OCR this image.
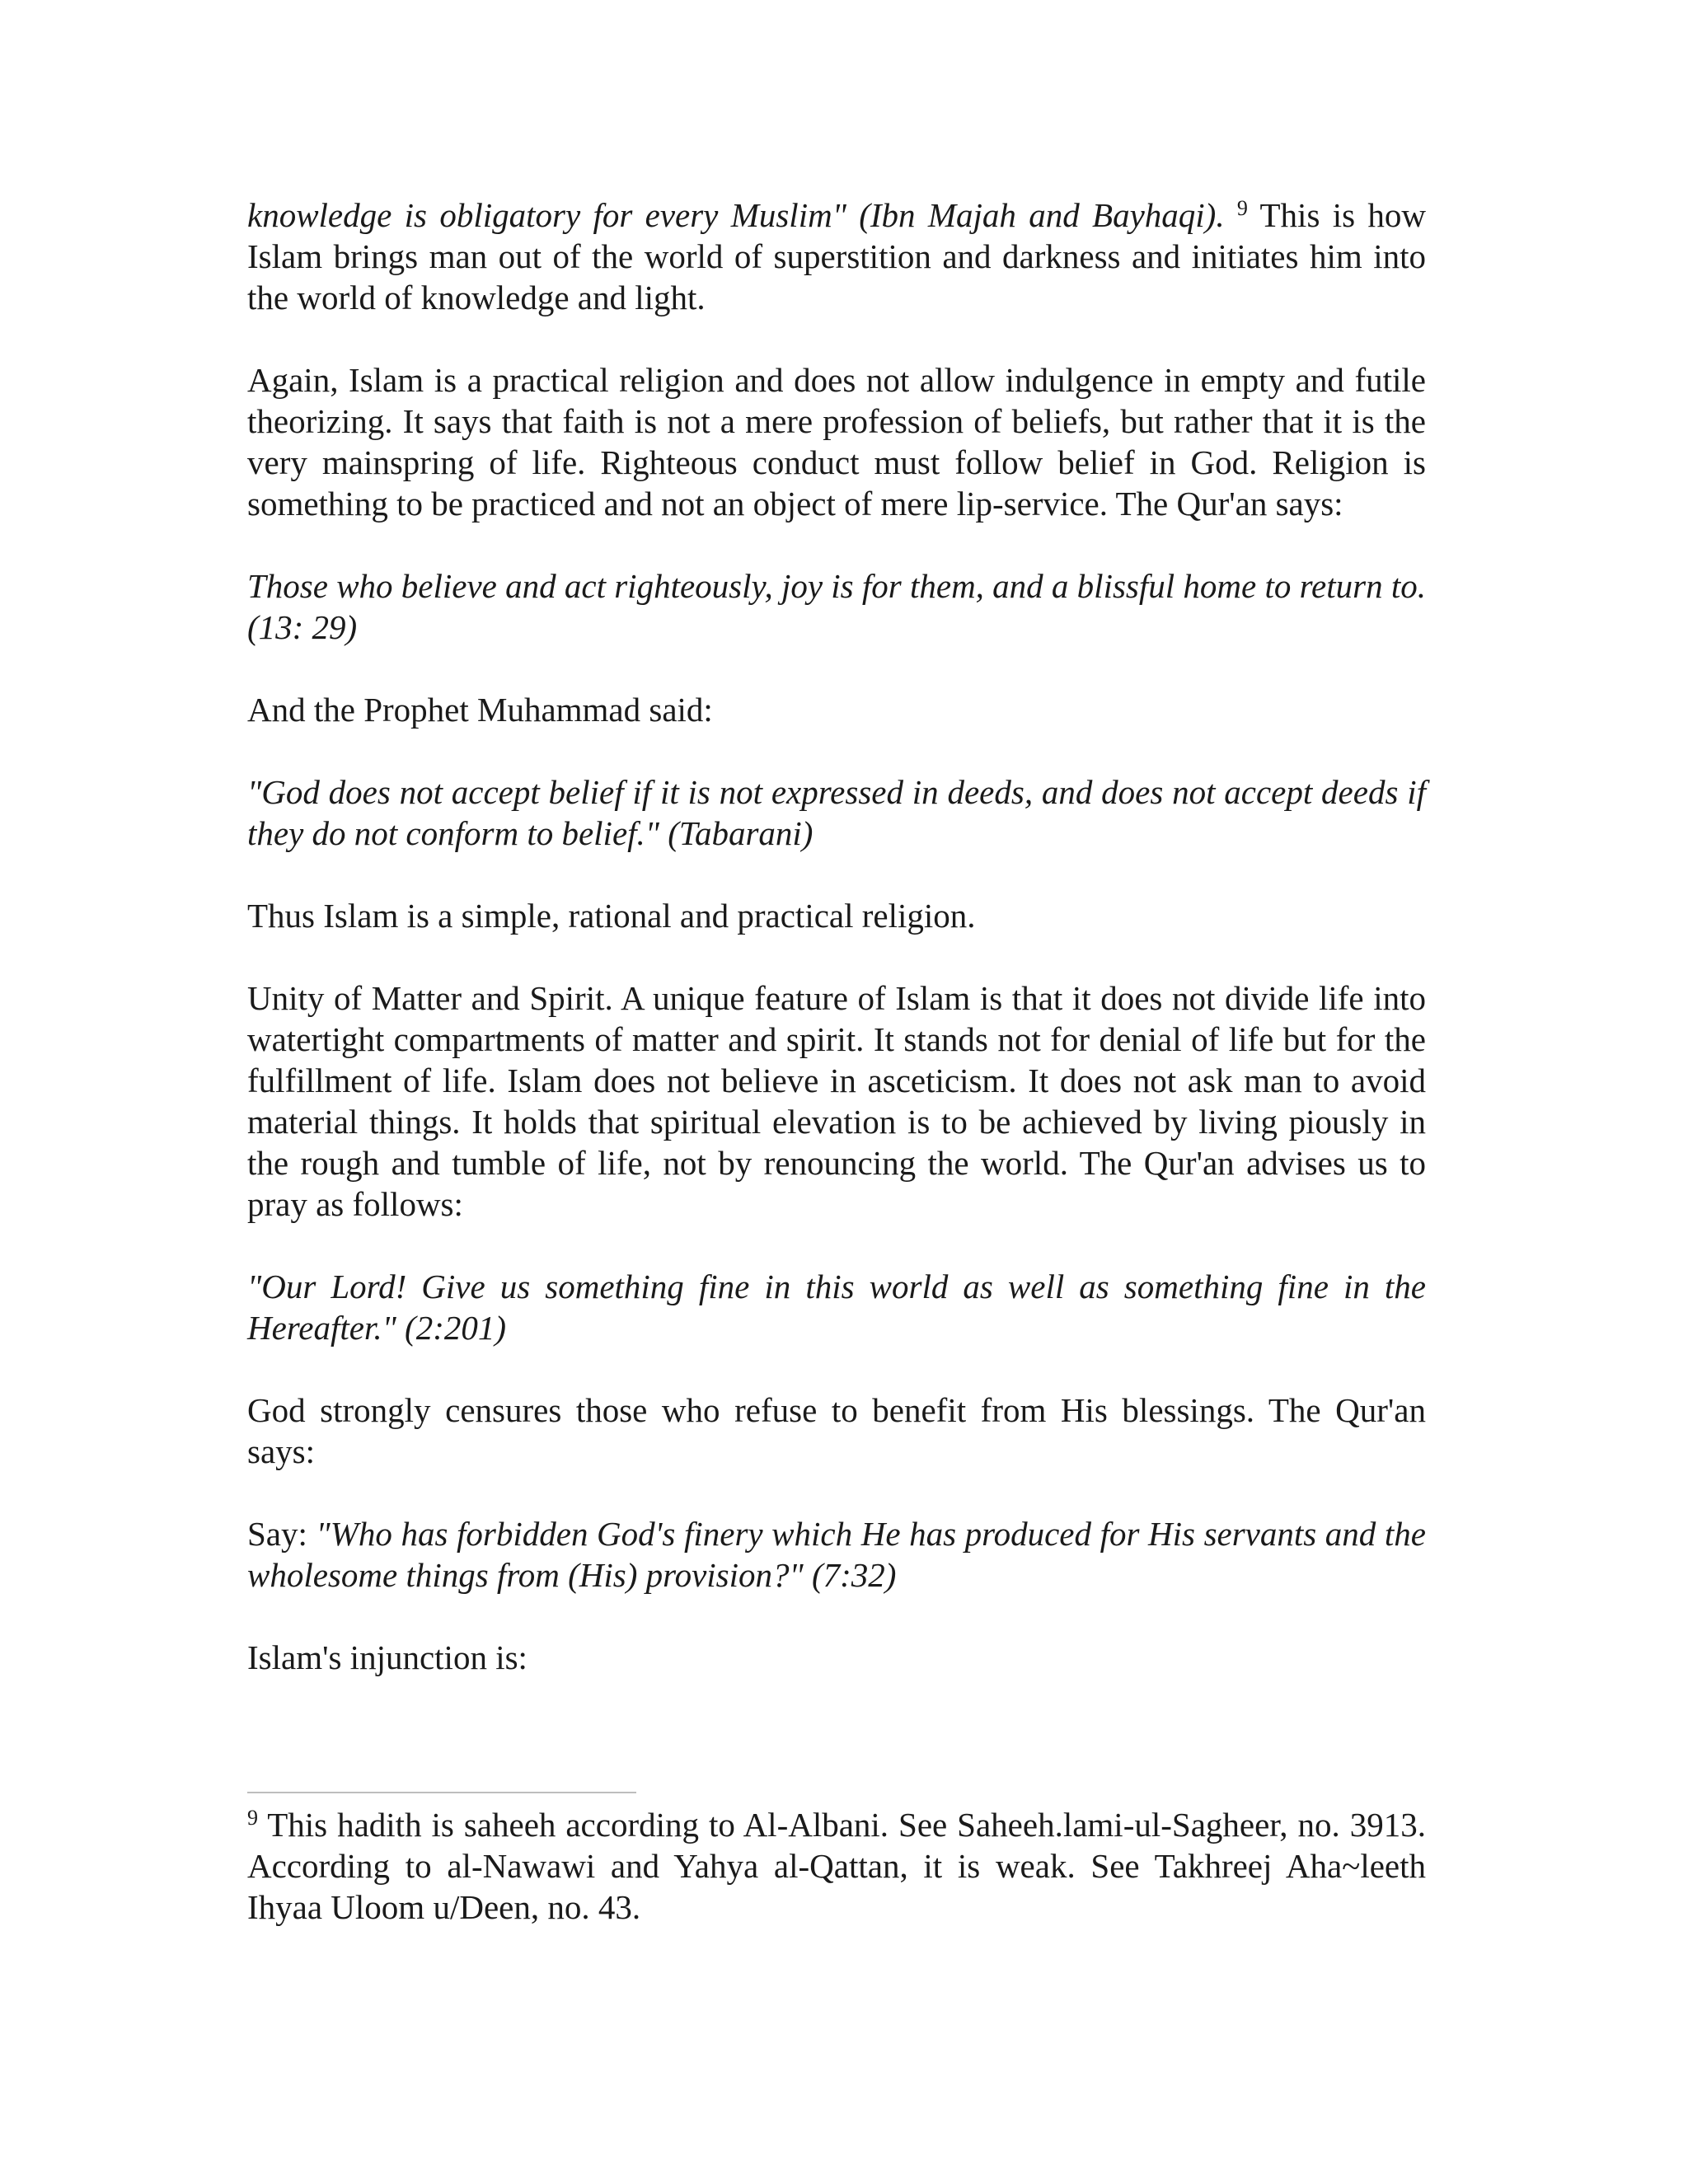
knowledge is obligatory for every Muslim" (Ibn Majah and Bayhaqi). $^9$ This is how Islam brings man out of the world of superstition and darkness and initiates him into the world of knowledge and light.

Again, Islam is a practical religion and does not allow indulgence in empty and futile theorizing. It says that faith is not a mere profession of beliefs, but rather that it is the very mainspring of life. Righteous conduct must follow belief in God. Religion is something to be practiced and not an object of mere lip-service. The Qur'an says:

Those who believe and act righteously, joy is for them, and a blissful home to return to. (13: 29)

And the Prophet Muhammad said:

"God does not accept belief if it is not expressed in deeds, and does not accept deeds if they do not conform to belief." (Tabarani)

Thus Islam is a simple, rational and practical religion.

Unity of Matter and Spirit. A unique feature of Islam is that it does not divide life into watertight compartments of matter and spirit. It stands not for denial of life but for the fulfillment of life. Islam does not believe in asceticism. It does not ask man to avoid material things. It holds that spiritual elevation is to be achieved by living piously in the rough and tumble of life, not by renouncing the world. The Qur'an advises us to pray as follows:

"Our Lord! Give us something fine in this world as well as something fine in the Hereafter." (2:201)

God strongly censures those who refuse to benefit from His blessings. The Qur'an says:

Say: "Who has forbidden God's finery which He has produced for His servants and the wholesome things from (His) provision?" (7:32)

Islam's injunction is:

$^9$ This hadith is saheeh according to Al-Albani. See Saheeh.lami-ul-Sagheer, no. 3913. According to al-Nawawi and Yahya al-Qattan, it is weak. See Takhreej Aha~leeth Ihyaa Uloom u/Deen, no. 43.
